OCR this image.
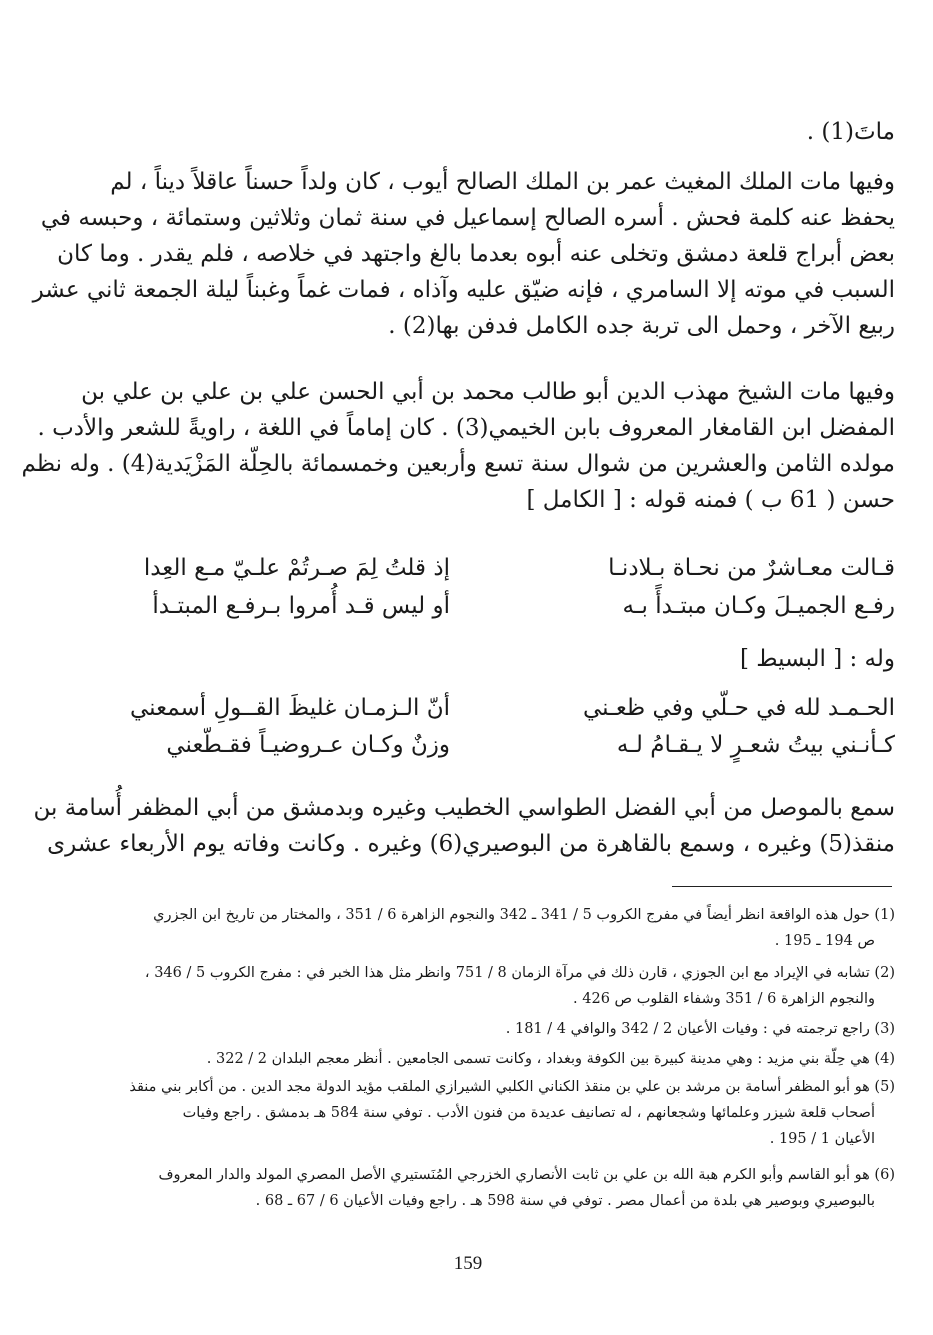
ماتَ(1) .
وفيها مات الملك المغيث عمر بن الملك الصالح أيوب ، كان ولداً حسناً عاقلاً ديناً ، لم
يحفظ عنه كلمة فحش . أسره الصالح إسماعيل في سنة ثمان وثلاثين وستمائة ، وحبسه في
بعض أبراج قلعة دمشق وتخلى عنه أبوه بعدما بالغ واجتهد في خلاصه ، فلم يقدر . وما كان
السبب في موته إلا السامري ، فإنه ضيّق عليه وآذاه ، فمات غماً وغبناً ليلة الجمعة ثاني عشر
ربيع الآخر ، وحمل الى تربة جده الكامل فدفن بها(2) .
وفيها مات الشيخ مهذب الدين أبو طالب محمد بن أبي الحسن علي بن علي بن علي بن
المفضل ابن القامغار المعروف بابن الخيمي(3) . كان إماماً في اللغة ، راويةً للشعر والأدب .
مولده الثامن والعشرين من شوال سنة تسع وأربعين وخمسمائة بالحِلّة المَزْيَدية(4) . وله نظم
حسن ( 61 ب ) فمنه قوله : [ الكامل ]
قـالت معـاشرٌ من نحـاة بـلادنـا
إذ قلتُ لِمَ صـرتُمْ علـيّ مـع العِدا
رفـع الجميـلَ وكـان مبتـدأً بـه
أو ليس قـد أُمروا بـرفـع المبتـدأ
وله : [ البسيط ]
الحـمـد لله في حـلّي وفي ظعـني
أنّ الـزمـان غليظَ القــولِ أسمعني
كـأنـني بيتُ شعـرٍ لا يـقـامُ لـه
وزنٌ وكـان عـروضيـاً فقـطّعني
سمع بالموصل من أبي الفضل الطواسي الخطيب وغيره وبدمشق من أبي المظفر أُسامة بن
منقذ(5) وغيره ، وسمع بالقاهرة من البوصيري(6) وغيره . وكانت وفاته يوم الأربعاء عشرى
(1) حول هذه الواقعة انظر أيضاً في مفرج الكروب 5 / 341 ـ 342 والنجوم الزاهرة 6 / 351 ، والمختار من تاريخ ابن الجزري
ص 194 ـ 195 .
(2) تشابه في الإيراد مع ابن الجوزي ، قارن ذلك في مرآة الزمان 8 / 751 وانظر مثل هذا الخبر في : مفرج الكروب 5 / 346 ،
والنجوم الزاهرة 6 / 351 وشفاء القلوب ص 426 .
(3) راجع ترجمته في : وفيات الأعيان 2 / 342 والوافي 4 / 181 .
(4) هي حِلّة بني مزيد : وهي مدينة كبيرة بين الكوفة وبغداد ، وكانت تسمى الجامعين . أنظر معجم البلدان 2 / 322 .
(5) هو أبو المظفر أسامة بن مرشد بن علي بن منقذ الكناني الكلبي الشيرازي الملقب مؤيد الدولة مجد الدين . من أكابر بني منقذ
أصحاب قلعة شيزر وعلمائها وشجعانهم ، له تصانيف عديدة من فنون الأدب . توفي سنة 584 هـ بدمشق . راجع وفيات
الأعيان 1 / 195 .
(6) هو أبو القاسم وأبو الكرم هبة الله بن علي بن ثابت الأنصاري الخزرجي المُنَستيري الأصل المصري المولد والدار المعروف
بالبوصيري وبوصير هي بلدة من أعمال مصر . توفي في سنة 598 هـ . راجع وفيات الأعيان 6 / 67 ـ 68 .
159
